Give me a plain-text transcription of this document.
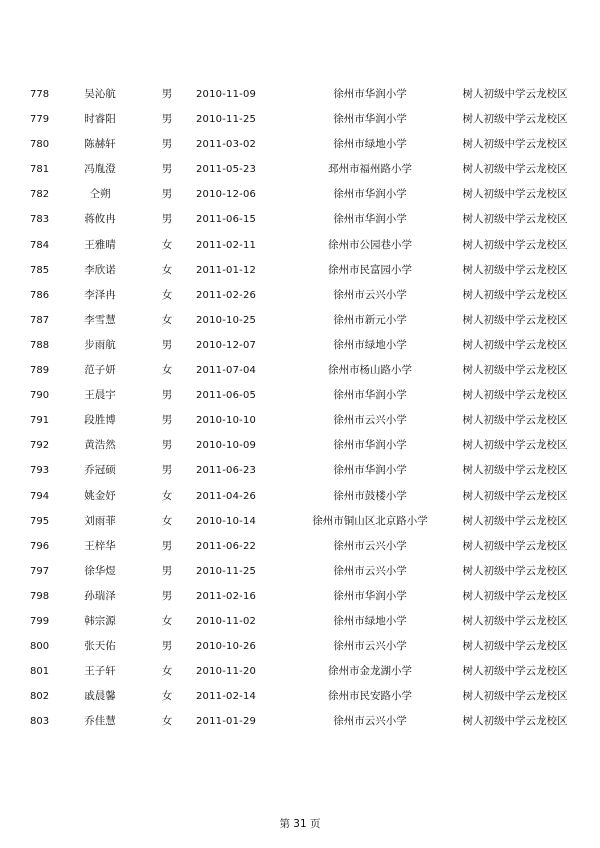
778	吴沁航	男	2010-11-09	徐州市华润小学	树人初级中学云龙校区
779	时睿阳	男	2010-11-25	徐州市华润小学	树人初级中学云龙校区
780	陈赫轩	男	2011-03-02	徐州市绿地小学	树人初级中学云龙校区
781	冯胤澄	男	2011-05-23	邳州市福州路小学	树人初级中学云龙校区
782	仝朔	男	2010-12-06	徐州市华润小学	树人初级中学云龙校区
783	蒋攸冉	男	2011-06-15	徐州市华润小学	树人初级中学云龙校区
784	王雅晴	女	2011-02-11	徐州市公园巷小学	树人初级中学云龙校区
785	李欣诺	女	2011-01-12	徐州市民富园小学	树人初级中学云龙校区
786	李泽冉	女	2011-02-26	徐州市云兴小学	树人初级中学云龙校区
787	李雪慧	女	2010-10-25	徐州市新元小学	树人初级中学云龙校区
788	步雨航	男	2010-12-07	徐州市绿地小学	树人初级中学云龙校区
789	范子妍	女	2011-07-04	徐州市杨山路小学	树人初级中学云龙校区
790	王晨宇	男	2011-06-05	徐州市华润小学	树人初级中学云龙校区
791	段胜博	男	2010-10-10	徐州市云兴小学	树人初级中学云龙校区
792	黄浩然	男	2010-10-09	徐州市华润小学	树人初级中学云龙校区
793	乔冠硕	男	2011-06-23	徐州市华润小学	树人初级中学云龙校区
794	姚金妤	女	2011-04-26	徐州市鼓楼小学	树人初级中学云龙校区
795	刘雨菲	女	2010-10-14	徐州市铜山区北京路小学	树人初级中学云龙校区
796	王梓华	男	2011-06-22	徐州市云兴小学	树人初级中学云龙校区
797	徐华煜	男	2010-11-25	徐州市云兴小学	树人初级中学云龙校区
798	孙瑞泽	男	2011-02-16	徐州市华润小学	树人初级中学云龙校区
799	韩宗源	女	2010-11-02	徐州市绿地小学	树人初级中学云龙校区
800	张天佑	男	2010-10-26	徐州市云兴小学	树人初级中学云龙校区
801	王子轩	女	2010-11-20	徐州市金龙湖小学	树人初级中学云龙校区
802	戚晨馨	女	2011-02-14	徐州市民安路小学	树人初级中学云龙校区
803	乔佳慧	女	2011-01-29	徐州市云兴小学	树人初级中学云龙校区
第 31 页
